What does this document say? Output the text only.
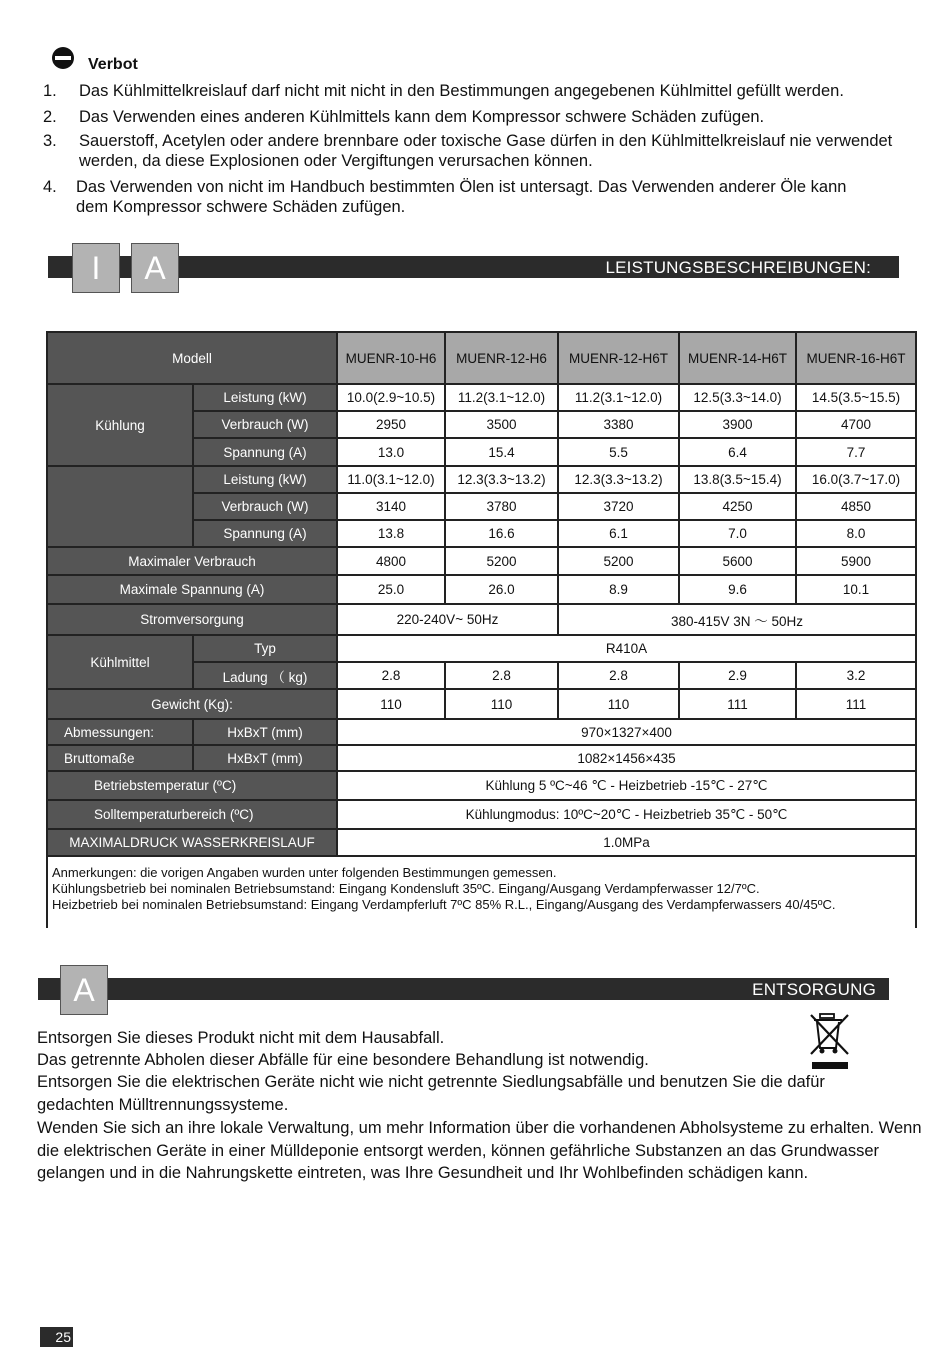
Verbot
1. Das Kühlmittelkreislauf darf nicht mit nicht in den Bestimmungen angegebenen Kühlmittel gefüllt werden.
2. Das Verwenden eines anderen Kühlmittels kann dem Kompressor schwere Schäden zufügen.
3. Sauerstoff, Acetylen oder andere brennbare oder toxische Gase dürfen in den Kühlmittelkreislauf nie verwendet werden, da diese Explosionen oder Vergiftungen verursachen können.
4. Das Verwenden von nicht im Handbuch bestimmten Ölen ist untersagt. Das Verwenden anderer Öle kann dem Kompressor schwere Schäden zufügen.
LEISTUNGSBESCHREIBUNGEN:
I	A
Modell		MUENR-10-H6	MUENR-12-H6	MUENR-12-H6T	MUENR-14-H6T	MUENR-16-H6T
Kühlung	Leistung (kW)	10.0(2.9~10.5)	11.2(3.1~12.0)	11.2(3.1~12.0)	12.5(3.3~14.0)	14.5(3.5~15.5)
	Verbrauch (W)	2950	3500	3380	3900	4700
	Spannung (A)	13.0	15.4	5.5	6.4	7.7
	Leistung (kW)	11.0(3.1~12.0)	12.3(3.3~13.2)	12.3(3.3~13.2)	13.8(3.5~15.4)	16.0(3.7~17.0)
	Verbrauch (W)	3140	3780	3720	4250	4850
	Spannung (A)	13.8	16.6	6.1	7.0	8.0
Maximaler Verbrauch		4800	5200	5200	5600	5900
Maximale Spannung (A)		25.0	26.0	8.9	9.6	10.1
Stromversorgung		220-240V~ 50Hz		380-415V 3N ～ 50Hz		
Kühlmittel	Typ	R410A				
	Ladung （ kg)	2.8	2.8	2.8	2.9	3.2
Gewicht (Kg):		110	110	110	111	111
Abmessungen:	HxBxT (mm)	970×1327×400				
Bruttomaße	HxBxT (mm)	1082×1456×435				
Betriebstemperatur (ºC)		Kühlung 5 ºC~46 ℃ - Heizbetrieb -15℃ - 27℃				
Solltemperaturbereich (ºC)		Kühlungmodus: 10ºC~20℃ - Heizbetrieb 35℃ - 50℃				
MAXIMALDRUCK WASSERKREISLAUF		1.0MPa				

Anmerkungen: die vorigen Angaben wurden unter folgenden Bestimmungen gemessen.
Kühlungsbetrieb bei nominalen Betriebsumstand: Eingang Kondensluft 35ºC. Eingang/Ausgang Verdampferwasser 12/7ºC.
Heizbetrieb bei nominalen Betriebsumstand: Eingang Verdampferluft 7ºC 85% R.L., Eingang/Ausgang des Verdampferwassers 40/45ºC.						
ENTSORGUNG
A
Entsorgen Sie dieses Produkt nicht mit dem Hausabfall.
Das getrennte Abholen dieser Abfälle für eine besondere Behandlung ist notwendig.
Entsorgen Sie die elektrischen Geräte nicht wie nicht getrennte Siedlungsabfälle und benutzen Sie die dafür gedachten Mülltrennungssysteme.
Wenden Sie sich an ihre lokale Verwaltung, um mehr Information über die vorhandenen Abholsysteme zu erhalten. Wenn die elektrischen Geräte in einer Mülldeponie entsorgt werden, können gefährliche Substanzen an das Grundwasser gelangen und in die Nahrungskette eintreten, was Ihre Gesundheit und Ihr Wohlbefinden schädigen kann.
25
